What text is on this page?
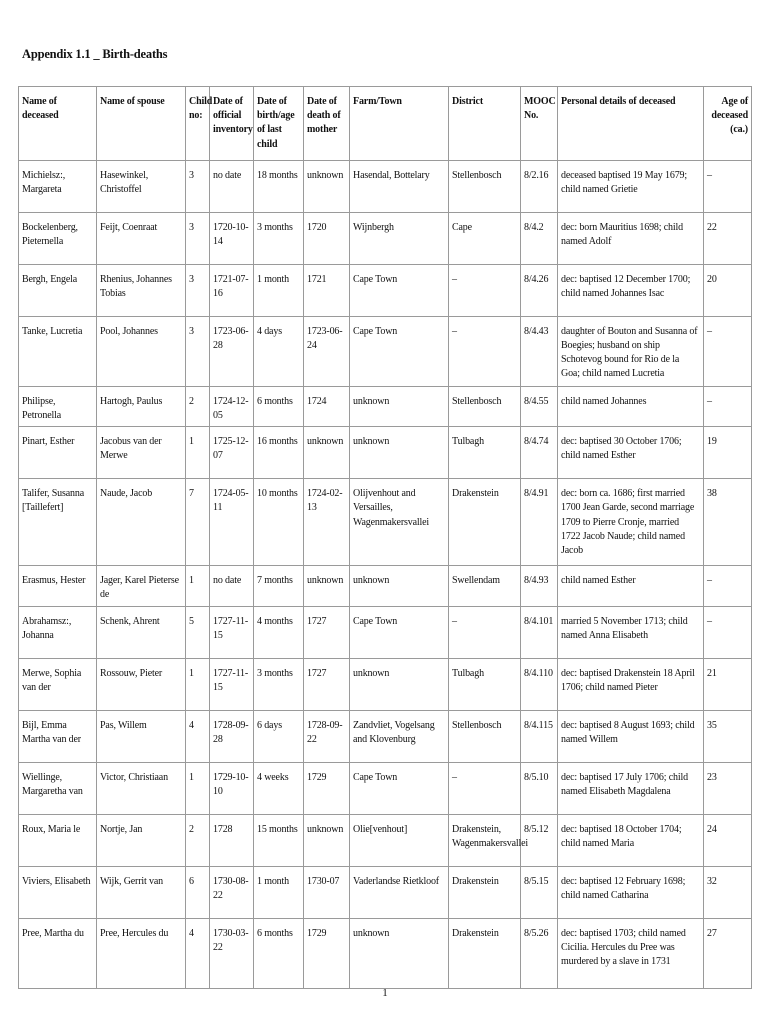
Appendix 1.1 _ Birth-deaths
Name of deceased	Name of spouse	Child no:	Date of official inventory	Date of birth/age of last child	Date of death of mother	Farm/Town	District	MOOC No.	Personal details of deceased	Age of deceased (ca.)
Michielsz:, Margareta	Hasewinkel, Christoffel	3	no date	18 months	unknown	Hasendal, Bottelary	Stellenbosch	8/2.16	deceased baptised 19 May 1679; child named Grietie	–
Bockelenberg, Pieternella	Feijt, Coenraat	3	1720-10-14	3 months	1720	Wijnbergh	Cape	8/4.2	dec: born Mauritius 1698; child named Adolf	22
Bergh, Engela	Rhenius, Johannes Tobias	3	1721-07-16	1 month	1721	Cape Town	–	8/4.26	dec: baptised 12 December 1700; child named Johannes Isac	20
Tanke, Lucretia	Pool, Johannes	3	1723-06-28	4 days	1723-06-24	Cape Town	–	8/4.43	daughter of Bouton and Susanna of Boegies; husband on ship Schotevog bound for Rio de la Goa; child named Lucretia	–
Philipse, Petronella	Hartogh, Paulus	2	1724-12-05	6 months	1724	unknown	Stellenbosch	8/4.55	child named Johannes	–
Pinart, Esther	Jacobus van der Merwe	1	1725-12-07	16 months	unknown	unknown	Tulbagh	8/4.74	dec: baptised 30 October 1706; child named Esther	19
Talifer, Susanna [Taillefert]	Naude, Jacob	7	1724-05-11	10 months	1724-02-13	Olijvenhout and Versailles, Wagenmakersvallei	Drakenstein	8/4.91	dec: born ca. 1686; first married 1700 Jean Garde, second marriage 1709 to Pierre Cronje, married 1722 Jacob Naude; child named Jacob	38
Erasmus, Hester	Jager, Karel Pieterse de	1	no date	7 months	unknown	unknown	Swellendam	8/4.93	child named Esther	–
Abrahamsz:, Johanna	Schenk, Ahrent	5	1727-11-15	4 months	1727	Cape Town	–	8/4.101	married 5 November 1713; child named Anna Elisabeth	–
Merwe, Sophia van der	Rossouw, Pieter	1	1727-11-15	3 months	1727	unknown	Tulbagh	8/4.110	dec: baptised Drakenstein 18 April 1706; child named Pieter	21
Bijl, Emma Martha van der	Pas, Willem	4	1728-09-28	6 days	1728-09-22	Zandvliet, Vogelsang and Klovenburg	Stellenbosch	8/4.115	dec: baptised 8 August 1693; child named Willem	35
Wiellinge, Margaretha van	Victor, Christiaan	1	1729-10-10	4 weeks	1729	Cape Town	–	8/5.10	dec: baptised 17 July 1706; child named Elisabeth Magdalena	23
Roux, Maria le	Nortje, Jan	2	1728	15 months	unknown	Olie[venhout]	Drakenstein, Wagenmakersvallei	8/5.12	dec: baptised 18 October 1704; child named Maria	24
Viviers, Elisabeth	Wijk, Gerrit van	6	1730-08-22	1 month	1730-07	Vaderlandse Rietkloof	Drakenstein	8/5.15	dec: baptised 12 February 1698; child named Catharina	32
Pree, Martha du	Pree, Hercules du	4	1730-03-22	6 months	1729	unknown	Drakenstein	8/5.26	dec: baptised 1703; child named Cicilia. Hercules du Pree was murdered by a slave in 1731	27
1
